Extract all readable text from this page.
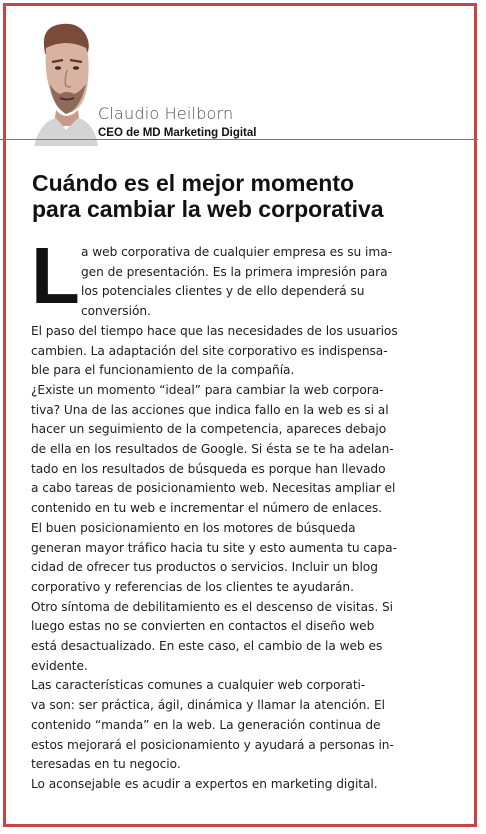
Claudio Heilborn
CEO de MD Marketing Digital
Cuándo es el mejor momento
para cambiar la web corporativa
L a web corporativa de cualquier empresa es su ima-
gen de presentación. Es la primera impresión para
los potenciales clientes y de ello dependerá su
conversión.

El paso del tiempo hace que las necesidades de los usuarios
cambien. La adaptación del site corporativo es indispensa-
ble para el funcionamiento de la compañía.
¿Existe un momento “ideal” para cambiar la web corpora-
tiva? Una de las acciones que indica fallo en la web es si al
hacer un seguimiento de la competencia, apareces debajo
de ella en los resultados de Google. Si ésta se te ha adelan-
tado en los resultados de búsqueda es porque han llevado
a cabo tareas de posicionamiento web. Necesitas ampliar el
contenido en tu web e incrementar el número de enlaces.
El buen posicionamiento en los motores de búsqueda
generan mayor tráfico hacia tu site y esto aumenta tu capa-
cidad de ofrecer tus productos o servicios. Incluir un blog
corporativo y referencias de los clientes te ayudarán.
Otro síntoma de debilitamiento es el descenso de visitas. Si
luego estas no se convierten en contactos el diseño web
está desactualizado. En este caso, el cambio de la web es
evidente.
Las características comunes a cualquier web corporati-
va son: ser práctica, ágil, dinámica y llamar la atención. El
contenido “manda” en la web. La generación continua de
estos mejorará el posicionamiento y ayudará a personas in-
teresadas en tu negocio.
Lo aconsejable es acudir a expertos en marketing digital.
